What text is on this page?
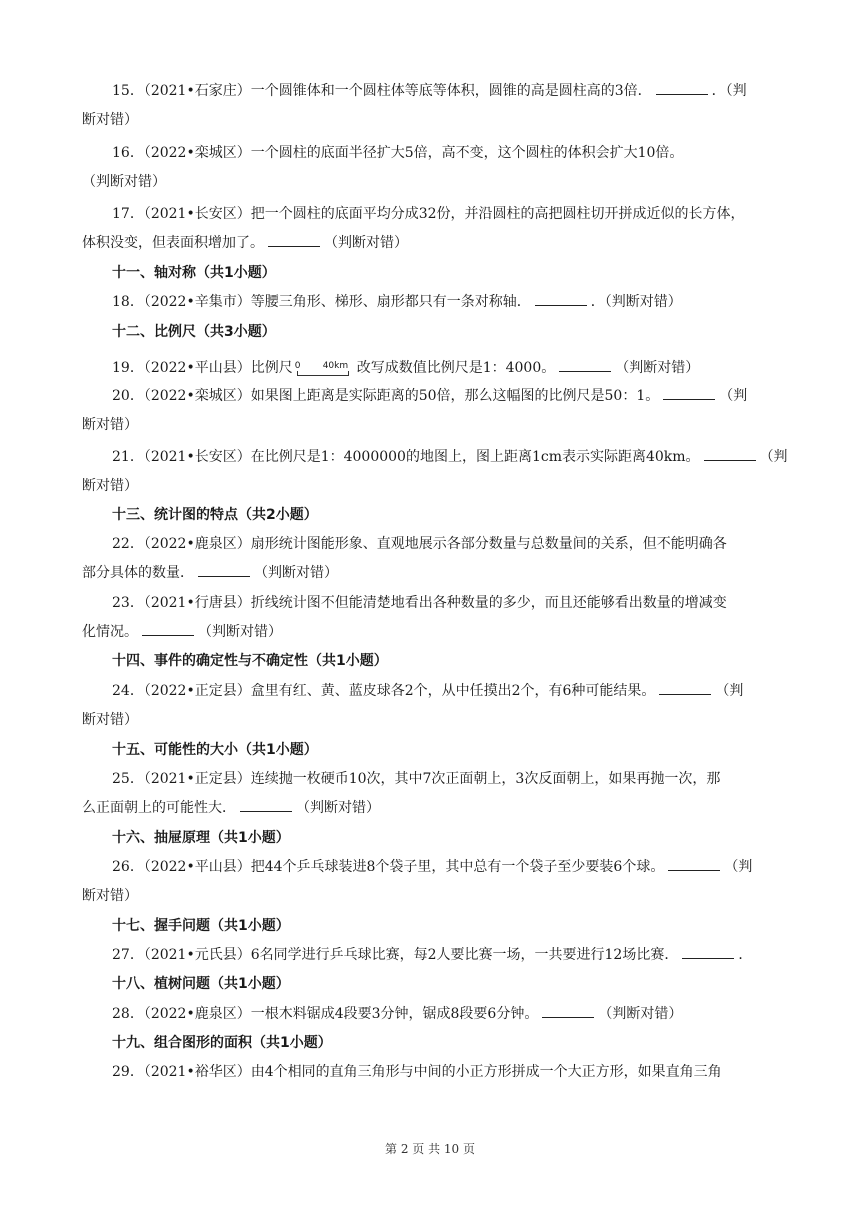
15．（2021•石家庄）一个圆锥体和一个圆柱体等底等体积，圆锥的高是圆柱高的3倍．	．（判
断对错）
16．（2022•栾城区）一个圆柱的底面半径扩大5倍，高不变，这个圆柱的体积会扩大10倍。
（判断对错）
17．（2021•长安区）把一个圆柱的底面平均分成32份，并沿圆柱的高把圆柱切开拼成近似的长方体，
体积没变，但表面积增加了。	（判断对错）
十一、轴对称（共1小题）
18．（2022•辛集市）等腰三角形、梯形、扇形都只有一条对称轴．	．（判断对错）
十二、比例尺（共3小题）
19．（2022•平山县）比例尺 0 40km 改写成数值比例尺是1：4000。	（判断对错）
20．（2022•栾城区）如果图上距离是实际距离的50倍，那么这幅图的比例尺是50：1。	（判
断对错）
21．（2021•长安区）在比例尺是1：4000000的地图上，图上距离1cm表示实际距离40km。	（判
断对错）
十三、统计图的特点（共2小题）
22．（2022•鹿泉区）扇形统计图能形象、直观地展示各部分数量与总数量间的关系，但不能明确各
部分具体的数量．	（判断对错）
23．（2021•行唐县）折线统计图不但能清楚地看出各种数量的多少，而且还能够看出数量的增减变
化情况。	（判断对错）
十四、事件的确定性与不确定性（共1小题）
24．（2022•正定县）盒里有红、黄、蓝皮球各2个，从中任摸出2个，有6种可能结果。	（判
断对错）
十五、可能性的大小（共1小题）
25．（2021•正定县）连续抛一枚硬币10次，其中7次正面朝上，3次反面朝上，如果再抛一次，那
么正面朝上的可能性大．	（判断对错）
十六、抽屉原理（共1小题）
26．（2022•平山县）把44个乒乓球装进8个袋子里，其中总有一个袋子至少要装6个球。	（判
断对错）
十七、握手问题（共1小题）
27．（2021•元氏县）6名同学进行乒乓球比赛，每2人要比赛一场，一共要进行12场比赛．	．
十八、植树问题（共1小题）
28．（2022•鹿泉区）一根木料锯成4段要3分钟，锯成8段要6分钟。	（判断对错）
十九、组合图形的面积（共1小题）
29．（2021•裕华区）由4个相同的直角三角形与中间的小正方形拼成一个大正方形，如果直角三角
第 2 页 共 10 页
